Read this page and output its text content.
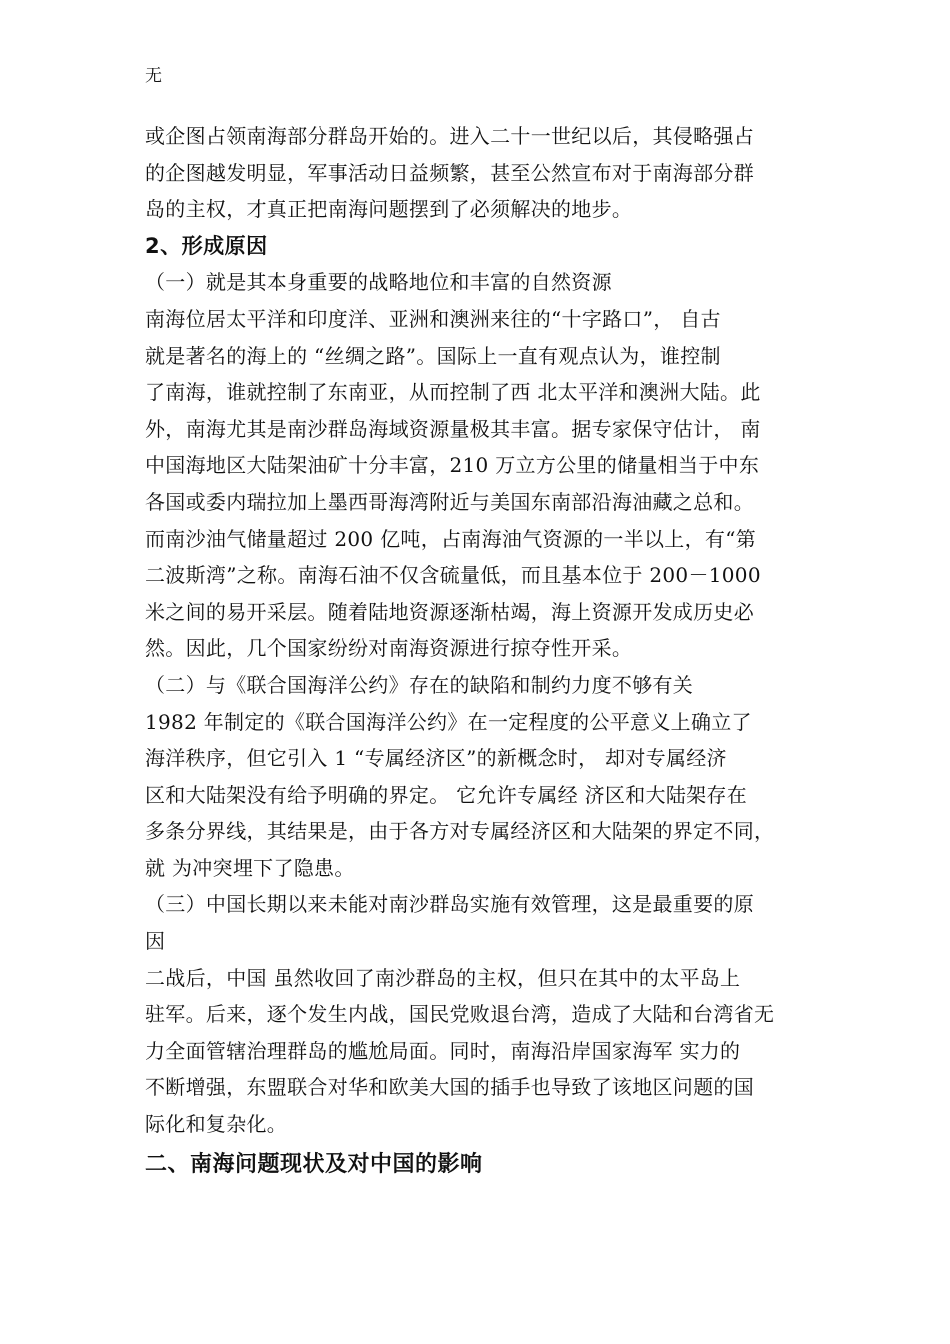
无
或企图占领南海部分群岛开始的。进入二十一世纪以后，其侵略强占
的企图越发明显，军事活动日益频繁，甚至公然宣布对于南海部分群
岛的主权，才真正把南海问题摆到了必须解决的地步。
2、形成原因
（一）就是其本身重要的战略地位和丰富的自然资源
南海位居太平洋和印度洋、亚洲和澳洲来往的“十字路口”， 自古
就是著名的海上的 “丝绸之路”。国际上一直有观点认为，谁控制
了南海，谁就控制了东南亚，从而控制了西 北太平洋和澳洲大陆。此
外，南海尤其是南沙群岛海域资源量极其丰富。据专家保守估计， 南
中国海地区大陆架油矿十分丰富，210 万立方公里的储量相当于中东
各国或委内瑞拉加上墨西哥海湾附近与美国东南部沿海油藏之总和。
而南沙油气储量超过 200 亿吨，占南海油气资源的一半以上，有“第
二波斯湾”之称。南海石油不仅含硫量低，而且基本位于 200－1000
米之间的易开采层。随着陆地资源逐渐枯竭，海上资源开发成历史必
然。因此，几个国家纷纷对南海资源进行掠夺性开采。
（二）与《联合国海洋公约》存在的缺陷和制约力度不够有关
1982 年制定的《联合国海洋公约》在一定程度的公平意义上确立了
海洋秩序，但它引入 1 “专属经济区”的新概念时， 却对专属经济
区和大陆架没有给予明确的界定。 它允许专属经 济区和大陆架存在
多条分界线，其结果是，由于各方对专属经济区和大陆架的界定不同，
就 为冲突埋下了隐患。
（三）中国长期以来未能对南沙群岛实施有效管理，这是最重要的原
因
二战后，中国 虽然收回了南沙群岛的主权，但只在其中的太平岛上
驻军。后来，逐个发生内战，国民党败退台湾，造成了大陆和台湾省无
力全面管辖治理群岛的尴尬局面。同时，南海沿岸国家海军 实力的
不断增强，东盟联合对华和欧美大国的插手也导致了该地区问题的国
际化和复杂化。
二、南海问题现状及对中国的影响
